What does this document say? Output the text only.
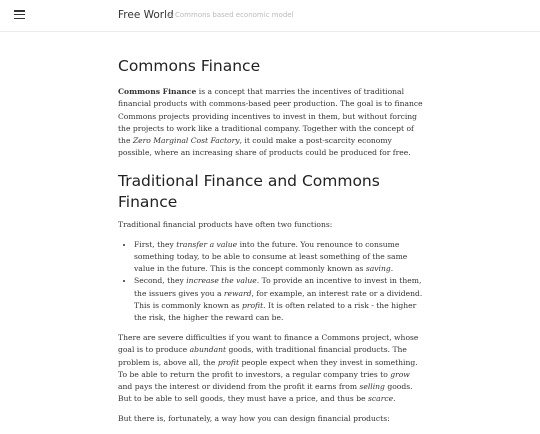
Free World
A Commons based economic model
Commons Finance

Commons Finance is a concept that marries the incentives of traditional financial products with commons-based peer production. The goal is to finance Commons projects providing incentives to invest in them, but without forcing the projects to work like a traditional company. Together with the concept of the Zero Marginal Cost Factory, it could make a post-scarcity economy possible, where an increasing share of products could be produced for free.

Traditional Finance and Commons Finance

Traditional financial products have often two functions:

• First, they transfer a value into the future. You renounce to consume something today, to be able to consume at least something of the same value in the future. This is the concept commonly known as saving.
• Second, they increase the value. To provide an incentive to invest in them, the issuers gives you a reward, for example, an interest rate or a dividend. This is commonly known as profit. It is often related to a risk - the higher the risk, the higher the reward can be.

There are severe difficulties if you want to finance a Commons project, whose goal is to produce abundant goods, with traditional financial products. The problem is, above all, the profit people expect when they invest in something. To be able to return the profit to investors, a regular company tries to grow and pays the interest or dividend from the profit it earns from selling goods. But to be able to sell goods, they must have a price, and thus be scarce.

But there is, fortunately, a way how you can design financial products:
